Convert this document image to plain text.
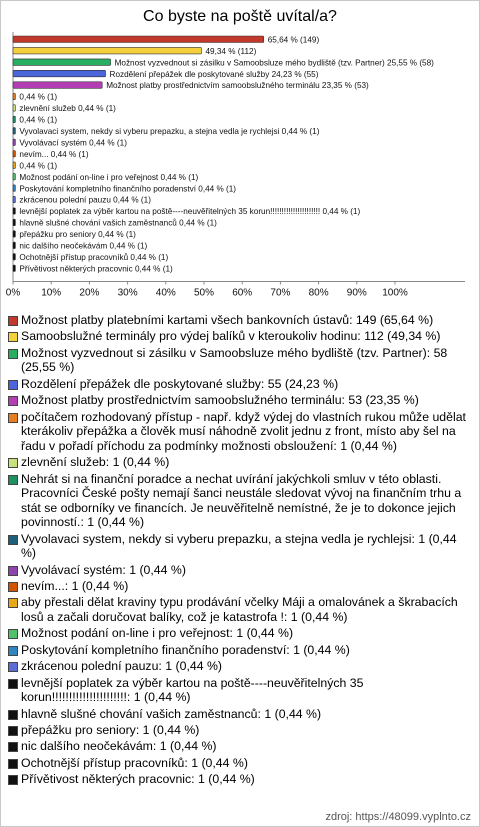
Co byste na poště uvítal/a?
65,64 % (149)
49,34 % (112)
Možnost vyzvednout si zásilku v Samoobsluze mého bydliště (tzv. Partner) 25,55 % (58)
Rozdělení přepážek dle poskytované služby 24,23 % (55)
Možnost platby prostřednictvím samoobslužného terminálu 23,35 % (53)
0,44 % (1)
zlevnění služeb 0,44 % (1)
0,44 % (1)
Vyvolavaci system, nekdy si vyberu prepazku, a stejna vedla je rychlejsi 0,44 % (1)
Vyvolávací systém 0,44 % (1)
nevím... 0,44 % (1)
0,44 % (1)
Možnost podání on-line i pro veřejnost 0,44 % (1)
Poskytování kompletního finančního poradenství 0,44 % (1)
zkrácenou polední pauzu 0,44 % (1)
levnější poplatek za výběr kartou na poště----neuvěřitelných 35 korun!!!!!!!!!!!!!!!!!!!!!! 0,44 % (1)
hlavně slušné chování vašich zaměstnanců 0,44 % (1)
přepážku pro seniory 0,44 % (1)
nic dalšího neočekávám 0,44 % (1)
Ochotnější přístup pracovníků 0,44 % (1)
Přívětivost některých pracovnic 0,44 % (1)
0% 10% 20% 30% 40% 50% 60% 70% 80% 90% 100%
Možnost platby platebními kartami všech bankovních ústavů: 149 (65,64 %)
Samoobslužné terminály pro výdej balíků v kteroukoliv hodinu: 112 (49,34 %)
Možnost vyzvednout si zásilku v Samoobsluze mého bydliště (tzv. Partner): 58 (25,55 %)
Rozdělení přepážek dle poskytované služby: 55 (24,23 %)
Možnost platby prostřednictvím samoobslužného terminálu: 53 (23,35 %)
počítačem rozhodovaný přístup - např. když výdej do vlastních rukou může udělat kterákoliv přepážka a člověk musí náhodně zvolit jednu z front, místo aby šel na řadu v pořadí příchodu za podmínky možnosti obsloužení: 1 (0,44 %)
zlevnění služeb: 1 (0,44 %)
Nehrát si na finanční poradce a nechat uvírání jakýchkoli smluv v této oblasti. Pracovníci České pošty nemají šanci neustále sledovat vývoj na finančním trhu a stát se odborníky ve financích. Je neuvěřitelně nemístné, že je to dokonce jejich povinností.: 1 (0,44 %)
Vyvolavaci system, nekdy si vyberu prepazku, a stejna vedla je rychlejsi: 1 (0,44 %)
Vyvolávací systém: 1 (0,44 %)
nevím...: 1 (0,44 %)
aby přestali dělat kraviny typu prodávání včelky Máji a omalovánek a škrabacích losů a začali doručovat balíky, což je katastrofa !: 1 (0,44 %)
Možnost podání on-line i pro veřejnost: 1 (0,44 %)
Poskytování kompletního finančního poradenství: 1 (0,44 %)
zkrácenou polední pauzu: 1 (0,44 %)
levnější poplatek za výběr kartou na poště----neuvěřitelných 35 korun!!!!!!!!!!!!!!!!!!!!!!: 1 (0,44 %)
hlavně slušné chování vašich zaměstnanců: 1 (0,44 %)
přepážku pro seniory: 1 (0,44 %)
nic dalšího neočekávám: 1 (0,44 %)
Ochotnější přístup pracovníků: 1 (0,44 %)
Přívětivost některých pracovnic: 1 (0,44 %)
zdroj: https://48099.vyplnto.cz
